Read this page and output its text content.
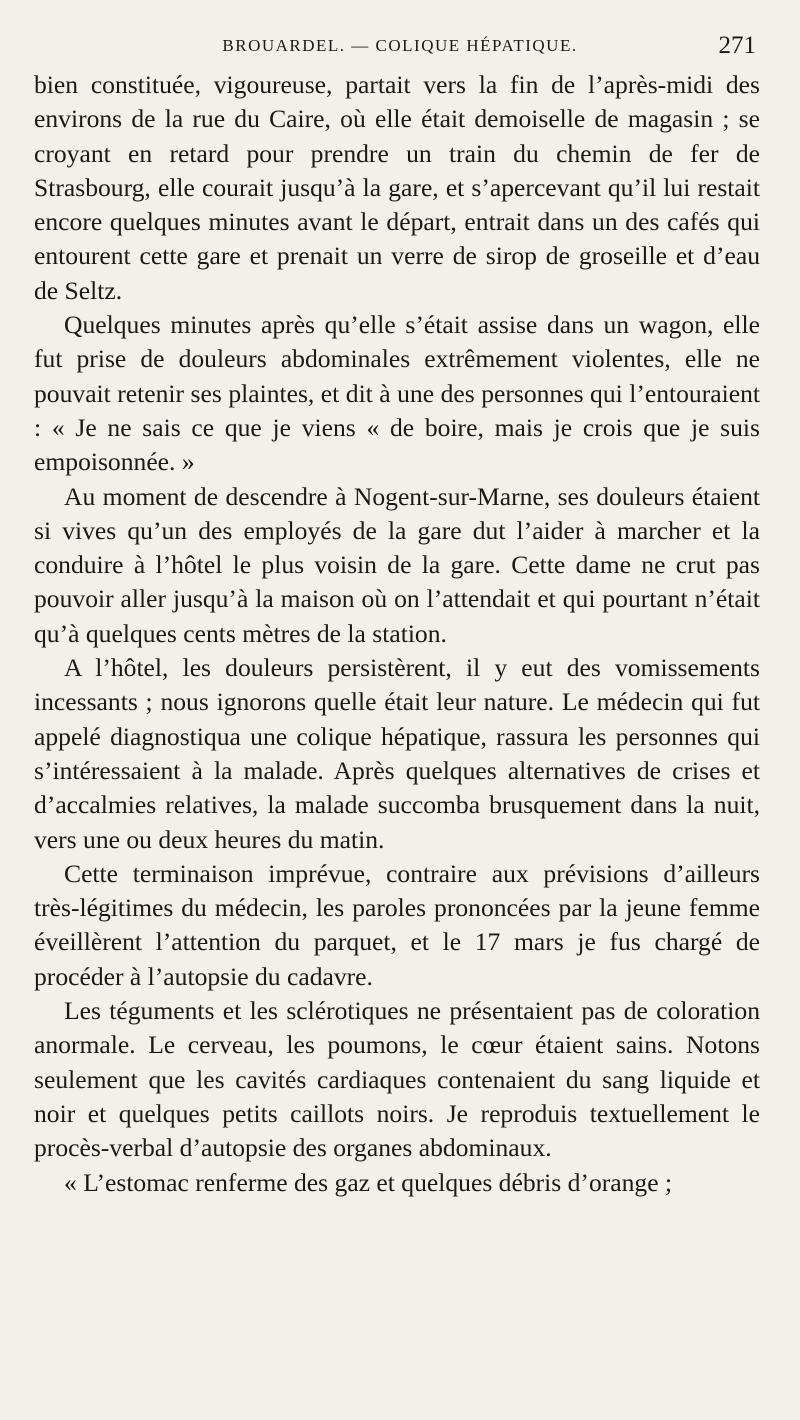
BROUARDEL. — COLIQUE HÉPATIQUE.	271

bien constituée, vigoureuse, partait vers la fin de l’après-midi des environs de la rue du Caire, où elle était demoiselle de magasin ; se croyant en retard pour prendre un train du chemin de fer de Strasbourg, elle courait jusqu’à la gare, et s’apercevant qu’il lui restait encore quelques minutes avant le départ, entrait dans un des cafés qui entourent cette gare et prenait un verre de sirop de groseille et d’eau de Seltz.

Quelques minutes après qu’elle s’était assise dans un wagon, elle fut prise de douleurs abdominales extrêmement violentes, elle ne pouvait retenir ses plaintes, et dit à une des personnes qui l’entouraient : « Je ne sais ce que je viens « de boire, mais je crois que je suis empoisonnée. »

Au moment de descendre à Nogent-sur-Marne, ses douleurs étaient si vives qu’un des employés de la gare dut l’aider à marcher et la conduire à l’hôtel le plus voisin de la gare. Cette dame ne crut pas pouvoir aller jusqu’à la maison où on l’attendait et qui pourtant n’était qu’à quelques cents mètres de la station.

A l’hôtel, les douleurs persistèrent, il y eut des vomissements incessants ; nous ignorons quelle était leur nature. Le médecin qui fut appelé diagnostiqua une colique hépatique, rassura les personnes qui s’intéressaient à la malade. Après quelques alternatives de crises et d’accalmies relatives, la malade succomba brusquement dans la nuit, vers une ou deux heures du matin.

Cette terminaison imprévue, contraire aux prévisions d’ailleurs très-légitimes du médecin, les paroles prononcées par la jeune femme éveillèrent l’attention du parquet, et le 17 mars je fus chargé de procéder à l’autopsie du cadavre.

Les téguments et les sclérotiques ne présentaient pas de coloration anormale. Le cerveau, les poumons, le cœur étaient sains. Notons seulement que les cavités cardiaques contenaient du sang liquide et noir et quelques petits caillots noirs. Je reproduis textuellement le procès-verbal d’autopsie des organes abdominaux.

« L’estomac renferme des gaz et quelques débris d’orange ;
